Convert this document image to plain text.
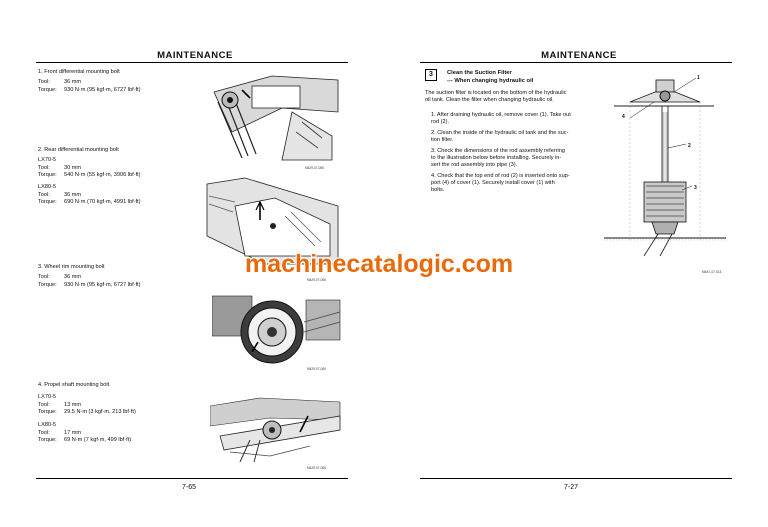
MAINTENANCE
1. Front differential mounting bolt
Tool:	36 mm
Torque: 930 N·m (95 kgf·m, 6727 lbf·ft)
M429-07-006
2. Rear differential mounting bolt
LX70-5
Tool:	30 mm
Torque: 540 N·m (55 kgf·m, 3906 lbf·ft)
LX80-5
Tool:	36 mm
Torque: 690 N·m (70 kgf·m, 4991 lbf·ft)
3. Wheel rim mounting bolt
Tool:	36 mm
Torque: 930 N·m (95 kgf·m, 6727 lbf·ft)
M429-07-006
M429-07-006
4. Propel shaft mounting bolt
LX70-5
Tool:	13 mm
Torque: 29.5 N·m (3 kgf·m, 213 lbf·ft)
LX80-5
Tool:	17 mm
Torque: 69 N·m (7 kgf·m, 499 lbf·ft)
M429-07-006
7-65
MAINTENANCE
7-27
3	Clean the Suction Filter
--- When changing hydraulic oil
The suction filter is located on the bottom of the hydraulic
oil tank. Clean the filter when changing hydraulic oil.
1. After draining hydraulic oil, remove cover (1). Take out
rod (2).
2. Clean the inside of the hydraulic oil tank and the suc-
tion filter.
3. Check the dimensions of the rod assembly referring
to the illustration below before installing. Securely in-
sert the rod assembly into pipe (3).
4. Check that the top end of rod (2) is inserted onto sup-
port (4) of cover (1). Securely install cover (1) with
bolts.
1
2
3
4
M4A7-07-013
machinecatalogic.com
